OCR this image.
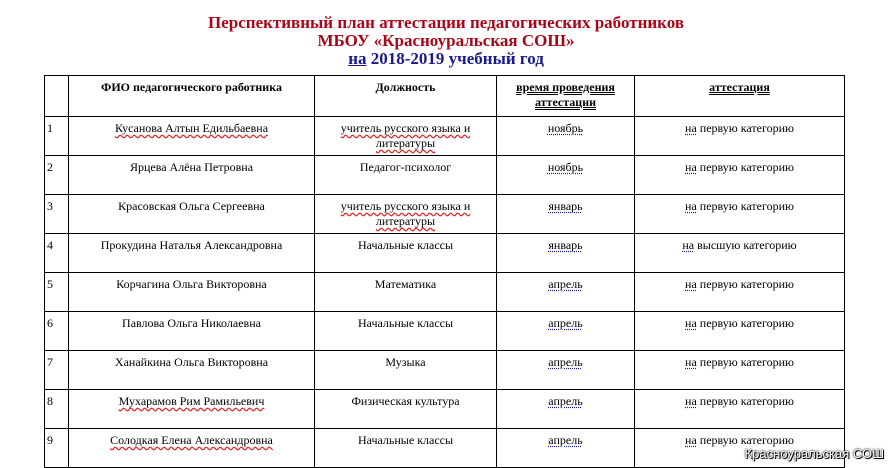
Перспективный план аттестации педагогических работников
МБОУ «Красноуральская СОШ»
на 2018-2019 учебный год
	ФИО педагогического работника	Должность	время проведения аттестации	аттестация
1	Кусанова Алтын Едильбаевна	учитель русского языка и литературы	ноябрь	на первую категорию
2	Ярцева Алёна Петровна	Педагог-психолог	ноябрь	на первую категорию
3	Красовская Ольга Сергеевна	учитель русского языка и литературы	январь	на первую категорию
4	Прокудина Наталья Александровна	Начальные классы	январь	на высшую категорию
5	Корчагина Ольга Викторовна	Математика	апрель	на первую категорию
6	Павлова Ольга Николаевна	Начальные классы	апрель	на первую категорию
7	Ханайкина Ольга Викторовна	Музыка	апрель	на первую категорию
8	Мухарамов Рим Рамильевич	Физическая культура	апрель	на первую категорию
9	Солодкая Елена Александровна	Начальные классы	апрель	на первую категорию
Красноуральская СОШ
